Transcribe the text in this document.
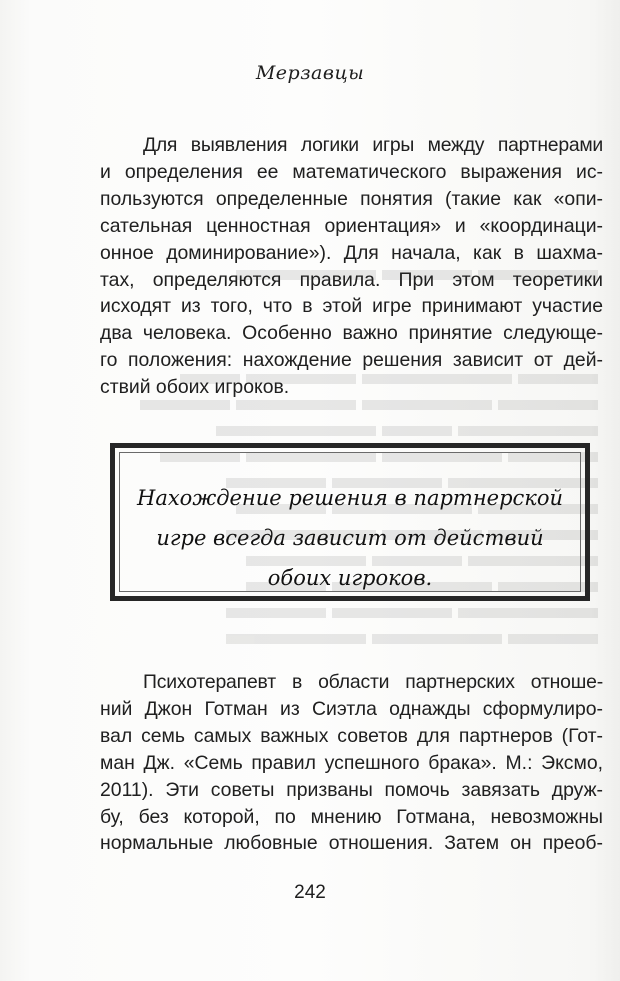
Мерзавцы
Для выявления логики игры между партнерами
и определения ее математического выражения ис-
пользуются определенные понятия (такие как «опи-
сательная ценностная ориентация» и «координаци-
онное доминирование»). Для начала, как в шахма-
тах, определяются правила. При этом теоретики
исходят из того, что в этой игре принимают участие
два человека. Особенно важно принятие следующе-
го положения: нахождение решения зависит от дей-
ствий обоих игроков.
Нахождение решения в партнерской
игре всегда зависит от действий
обоих игроков.
Психотерапевт в области партнерских отноше-
ний Джон Готман из Сиэтла однажды сформулиро-
вал семь самых важных советов для партнеров (Гот-
ман Дж. «Семь правил успешного брака». М.: Эксмо,
2011). Эти советы призваны помочь завязать друж-
бу, без которой, по мнению Готмана, невозможны
нормальные любовные отношения. Затем он преоб-
242
